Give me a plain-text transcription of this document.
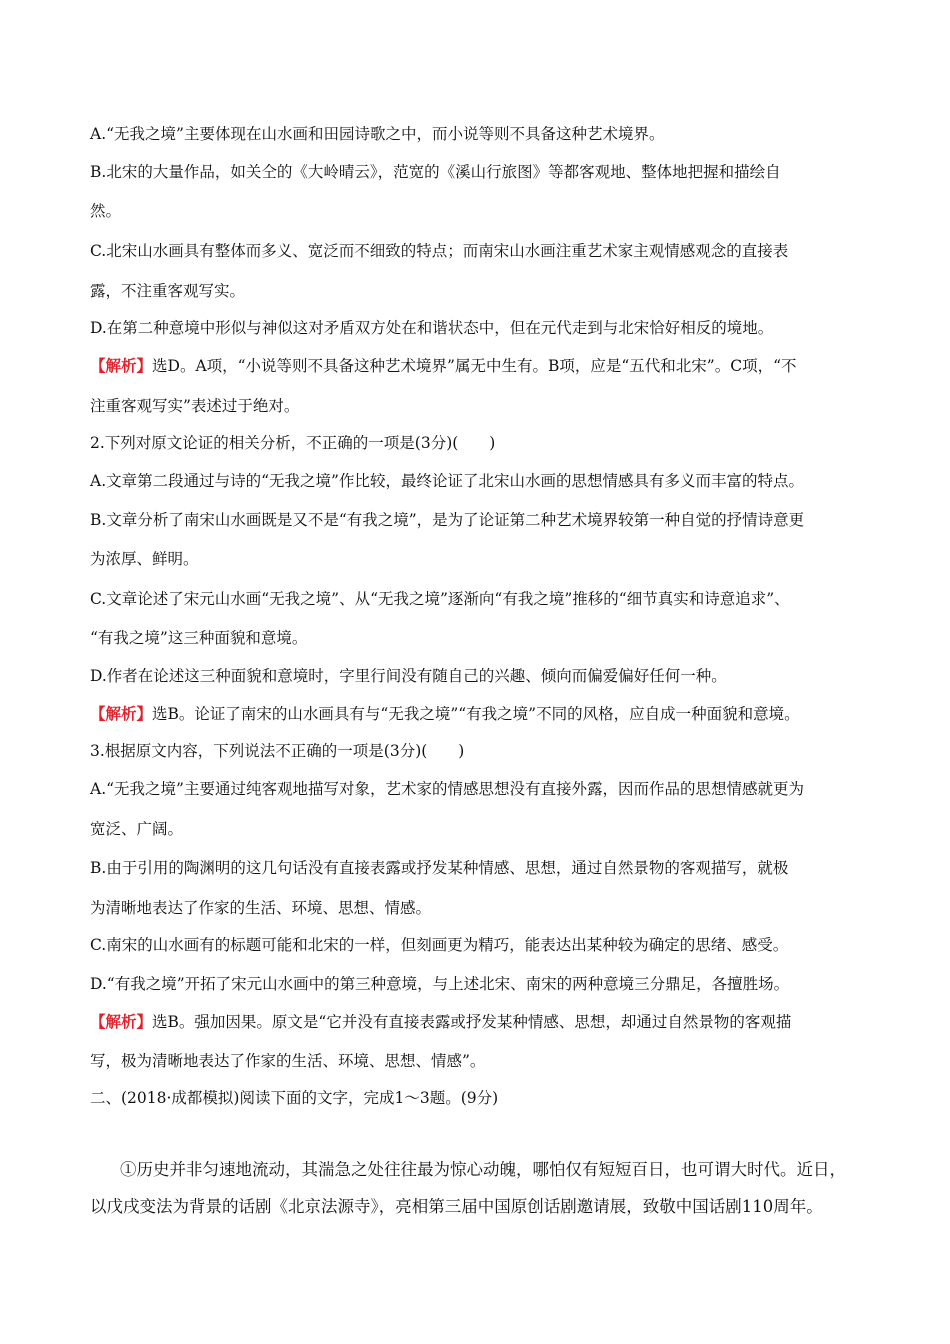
A.“无我之境”主要体现在山水画和田园诗歌之中，而小说等则不具备这种艺术境界。
B.北宋的大量作品，如关仝的《大岭晴云》，范宽的《溪山行旅图》等都客观地、整体地把握和描绘自
然。
C.北宋山水画具有整体而多义、宽泛而不细致的特点；而南宋山水画注重艺术家主观情感观念的直接表
露，不注重客观写实。
D.在第二种意境中形似与神似这对矛盾双方处在和谐状态中，但在元代走到与北宋恰好相反的境地。
【解析】选D。A项，“小说等则不具备这种艺术境界”属无中生有。B项，应是“五代和北宋”。C项，“不
注重客观写实”表述过于绝对。
2.下列对原文论证的相关分析，不正确的一项是(3分)(　　)
A.文章第二段通过与诗的“无我之境”作比较，最终论证了北宋山水画的思想情感具有多义而丰富的特点。
B.文章分析了南宋山水画既是又不是“有我之境”，是为了论证第二种艺术境界较第一种自觉的抒情诗意更
为浓厚、鲜明。
C.文章论述了宋元山水画“无我之境”、从“无我之境”逐渐向“有我之境”推移的“细节真实和诗意追求”、
“有我之境”这三种面貌和意境。
D.作者在论述这三种面貌和意境时，字里行间没有随自己的兴趣、倾向而偏爱偏好任何一种。
【解析】选B。论证了南宋的山水画具有与“无我之境”“有我之境”不同的风格，应自成一种面貌和意境。
3.根据原文内容，下列说法不正确的一项是(3分)(　　)
A.“无我之境”主要通过纯客观地描写对象，艺术家的情感思想没有直接外露，因而作品的思想情感就更为
宽泛、广阔。
B.由于引用的陶渊明的这几句话没有直接表露或抒发某种情感、思想，通过自然景物的客观描写，就极
为清晰地表达了作家的生活、环境、思想、情感。
C.南宋的山水画有的标题可能和北宋的一样，但刻画更为精巧，能表达出某种较为确定的思绪、感受。
D.“有我之境”开拓了宋元山水画中的第三种意境，与上述北宋、南宋的两种意境三分鼎足，各擅胜场。
【解析】选B。强加因果。原文是“它并没有直接表露或抒发某种情感、思想，却通过自然景物的客观描
写，极为清晰地表达了作家的生活、环境、思想、情感”。
二、(2018·成都模拟)阅读下面的文字，完成1～3题。(9分)
①历史并非匀速地流动，其湍急之处往往最为惊心动魄，哪怕仅有短短百日，也可谓大时代。近日，
以戊戌变法为背景的话剧《北京法源寺》，亮相第三届中国原创话剧邀请展，致敬中国话剧110周年。
